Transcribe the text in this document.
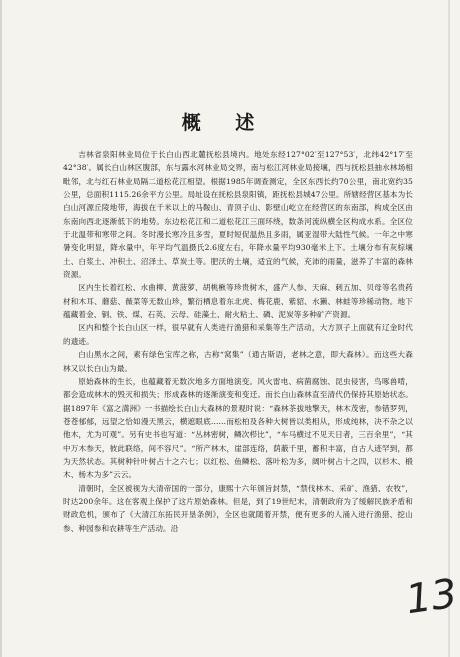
概 述

吉林省泉阳林业局位于长白山西北麓抚松县境内。地处东经127°02′至127°53′，北纬42°17′至42°38′。属长白山林区腹部，东与露水河林业局交界，南与松江河林业局接壤，西与抚松县抽水林场相毗邻，北与红石林业局隔二道松花江相望。根据1985年调查测定，全区东西长约70公里，南北宽约35公里，总面积1115.26余平方公里。局址设在抚松县泉阳镇，距抚松县城47公里。所辖经营区基本为长白山河源丘陵地带，海拔在千米以上的马鞍山、青顶子山、影壁山屹立在经营区的东南部，构成全区由东南向西北逐渐低下的地势。东边松花江和二道松花江三面环绕，数条河流纵横全区构成水系。全区位于北温带和寒带之间。冬时漫长寒冷且多雪，夏时短促温热且多雨，属亚湿带大陆性气候。一年之中寒暑变化明显，降水量中，年平均气温摄氏2.6度左右，年降水量平均930毫米上下。土壤分布有灰棕壤土、白浆土、冲积土、沼泽土、草炭土等。肥沃的土壤，适宜的气候，充沛的雨量，滋养了丰富的森林资源。

区内生长着红松、水曲柳、黄菠萝、胡桃楸等珍贵树木，盛产人参、天麻、刺五加、贝母等名贵药材和木耳、蘑菇、薇菜等无数山珍，繁衍栖息着东北虎、梅花鹿、紫貂、水獭、林蛙等珍稀动物。地下蕴藏着金、铜、铁、煤、石英、云母、硅藻土、耐火粘土、磷、泥炭等多种矿产资源。

区内和整个长白山区一样，很早就有人类进行渔猎和采集等生产活动，大方顶子上面就有辽金时代的遗迹。

白山黑水之间，素有绿色宝库之称，古称“窝集”（通古斯语，老林之意，即大森林）。而这些大森林又以长白山为最。

原始森林的生长，也蕴藏着无数次地多方面地演变。风火雷电、病菌腐蚀、昆虫侵害，鸟啄兽啃，都会造成林木的毁灭和损失；形成森林的逐渐演变和变迁。而长白山森林直至清代仍保持其原始状态。据1897年《富之満洲》一书描绘长白山大森林的景观时说：“森林茶拔地擎天，林木茂密，参错罗列，苍苍郁郁，远望之恰如漫天黑云，横遮眼底……而松柏及各种大树皆以类相从，形成纯林，决不杂之以他木，尤为可观”。另有史书也写道：“丛林密树，鳞次栉比”，“车马横过不见天日者，三百余里”，“其中万木参天，彼此联络，间不容尺”。“所产林木，崖部连络，荫蔽千里，蓄积丰富，自古人迹罕到，都为天然状态。其树种针叶树占十之六七；以红松、鱼鳞松、落叶松为多，阔叶树占十之四，以杉木、椴木、杨木为多”云云。

清朝时，全区被视为大清帝国的一部分，康熙十六年颁旨封禁，“禁伐林木、采矿、渔猎、农牧”，时达200余年。这在客观上保护了这片原始森林。但是，到了19世纪末，清朝政府为了缓解民族矛盾和财政危机，颁布了《大清江东拓民开垦条例》，全区也就随着开禁，便有更多的人涌入进行渔猎、挖山参、种园参和农耕等生产活动。沿

13
